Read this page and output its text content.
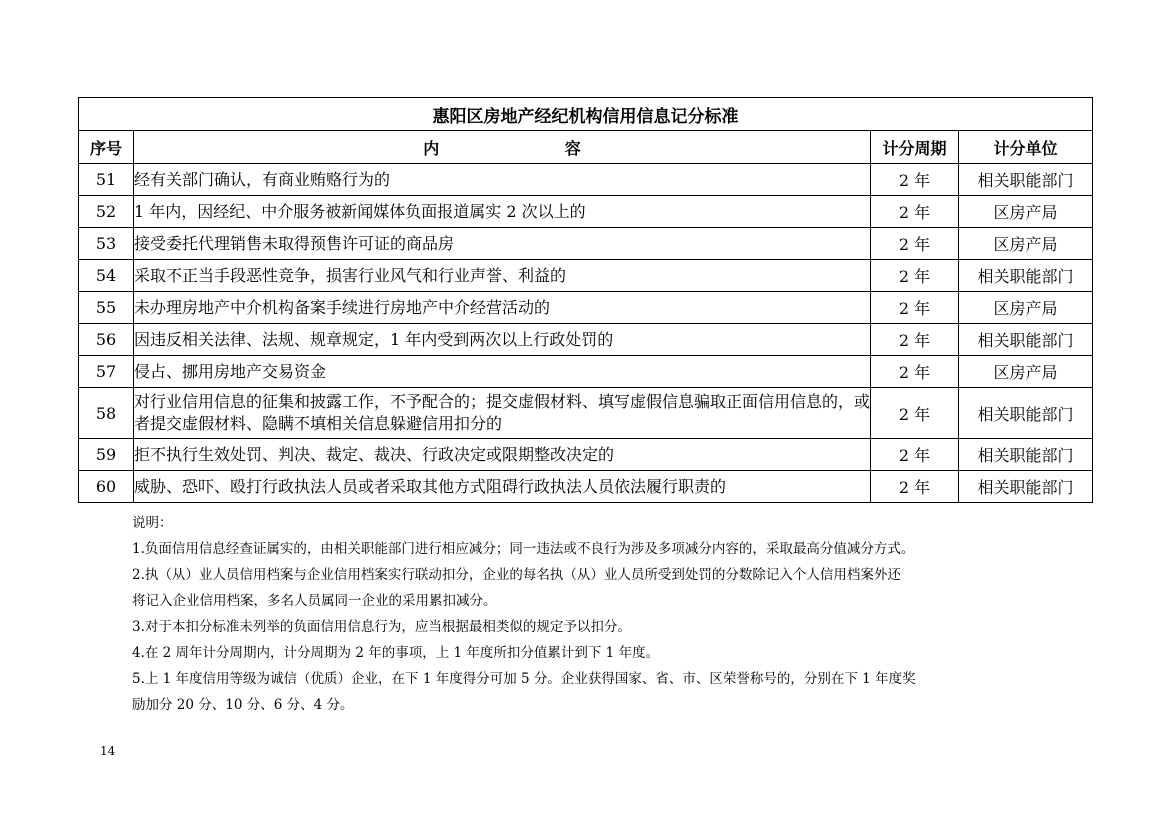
惠阳区房地产经纪机构信用信息记分标准			
序号	内 容	计分周期	计分单位
51	经有关部门确认，有商业贿赂行为的	2 年	相关职能部门
52	1 年内，因经纪、中介服务被新闻媒体负面报道属实 2 次以上的	2 年	区房产局
53	接受委托代理销售未取得预售许可证的商品房	2 年	区房产局
54	采取不正当手段恶性竞争，损害行业风气和行业声誉、利益的	2 年	相关职能部门
55	未办理房地产中介机构备案手续进行房地产中介经营活动的	2 年	区房产局
56	因违反相关法律、法规、规章规定，1 年内受到两次以上行政处罚的	2 年	相关职能部门
57	侵占、挪用房地产交易资金	2 年	区房产局
58	对行业信用信息的征集和披露工作，不予配合的；提交虚假材料、填写虚假信息骗取正面信用信息的，或者提交虚假材料、隐瞒不填相关信息躲避信用扣分的	2 年	相关职能部门
59	拒不执行生效处罚、判决、裁定、裁决、行政决定或限期整改决定的	2 年	相关职能部门
60	威胁、恐吓、殴打行政执法人员或者采取其他方式阻碍行政执法人员依法履行职责的	2 年	相关职能部门
说明：
1.负面信用信息经查证属实的，由相关职能部门进行相应减分；同一违法或不良行为涉及多项减分内容的，采取最高分值减分方式。
2.执（从）业人员信用档案与企业信用档案实行联动扣分，企业的每名执（从）业人员所受到处罚的分数除记入个人信用档案外还
将记入企业信用档案，多名人员属同一企业的采用累扣减分。
3.对于本扣分标准未列举的负面信用信息行为，应当根据最相类似的规定予以扣分。
4.在 2 周年计分周期内，计分周期为 2 年的事项，上 1 年度所扣分值累计到下 1 年度。
5.上 1 年度信用等级为诚信（优质）企业，在下 1 年度得分可加 5 分。企业获得国家、省、市、区荣誉称号的，分别在下 1 年度奖
励加分 20 分、10 分、6 分、4 分。
14
